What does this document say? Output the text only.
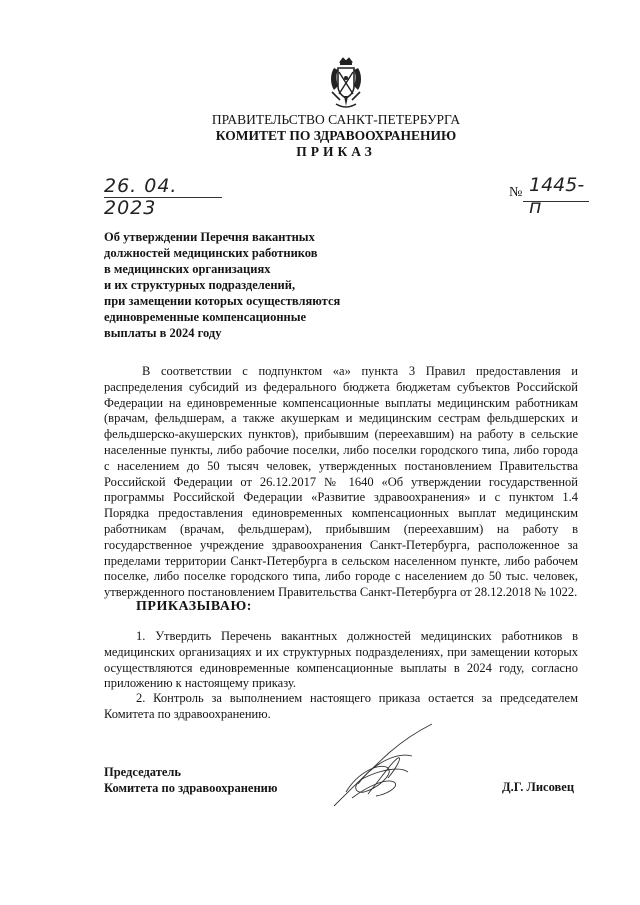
ПРАВИТЕЛЬСТВО САНКТ-ПЕТЕРБУРГА
КОМИТЕТ ПО ЗДРАВООХРАНЕНИЮ
ПРИКАЗ
26. 04. 2023
№ 1445-п
Об утверждении Перечня вакантных
должностей медицинских работников
в медицинских организациях
и их структурных подразделений,
при замещении которых осуществляются
единовременные компенсационные
выплаты в 2024 году
В соответствии с подпунктом «а» пункта 3 Правил предоставления и распределения субсидий из федерального бюджета бюджетам субъектов Российской Федерации на единовременные компенсационные выплаты медицинским работникам (врачам, фельдшерам, а также акушеркам и медицинским сестрам фельдшерских и фельдшерско-акушерских пунктов), прибывшим (переехавшим) на работу в сельские населенные пункты, либо рабочие поселки, либо поселки городского типа, либо города с населением до 50 тысяч человек, утвержденных постановлением Правительства Российской Федерации от 26.12.2017 № 1640 «Об утверждении государственной программы Российской Федерации «Развитие здравоохранения» и с пунктом 1.4 Порядка предоставления единовременных компенсационных выплат медицинским работникам (врачам, фельдшерам), прибывшим (переехавшим) на работу в государственное учреждение здравоохранения Санкт-Петербурга, расположенное за пределами территории Санкт-Петербурга в сельском населенном пункте, либо рабочем поселке, либо поселке городского типа, либо городе с населением до 50 тыс. человек, утвержденного постановлением Правительства Санкт-Петербурга от 28.12.2018 № 1022.
ПРИКАЗЫВАЮ:
1. Утвердить Перечень вакантных должностей медицинских работников в медицинских организациях и их структурных подразделениях, при замещении которых осуществляются единовременные компенсационные выплаты в 2024 году, согласно приложению к настоящему приказу.
2. Контроль за выполнением настоящего приказа остается за председателем Комитета по здравоохранению.
Председатель
Комитета по здравоохранению	Д.Г. Лисовец
